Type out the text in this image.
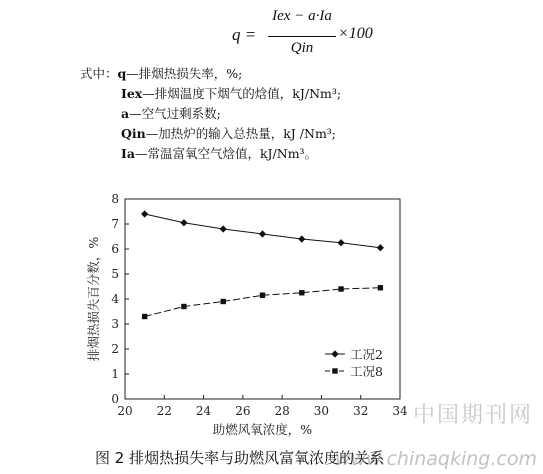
q =
Iex − a·Ia
Qin
×100
式中：q—排烟热损失率，%;
Iex—排烟温度下烟气的焓值，kJ/Nm³;
a—空气过剩系数;
Qin—加热炉的输入总热量，kJ /Nm³;
Ia—常温富氧空气焓值，kJ/Nm³。
20 22 24 26 28 30 32 34
0
1
2
3
4
5
6
7
8
助燃风氧浓度，%
排烟热损失百分数，%	工况2
工况8
中国期刊网
www.chinaqking.com
图 2 排烟热损失率与助燃风富氧浓度的关系
